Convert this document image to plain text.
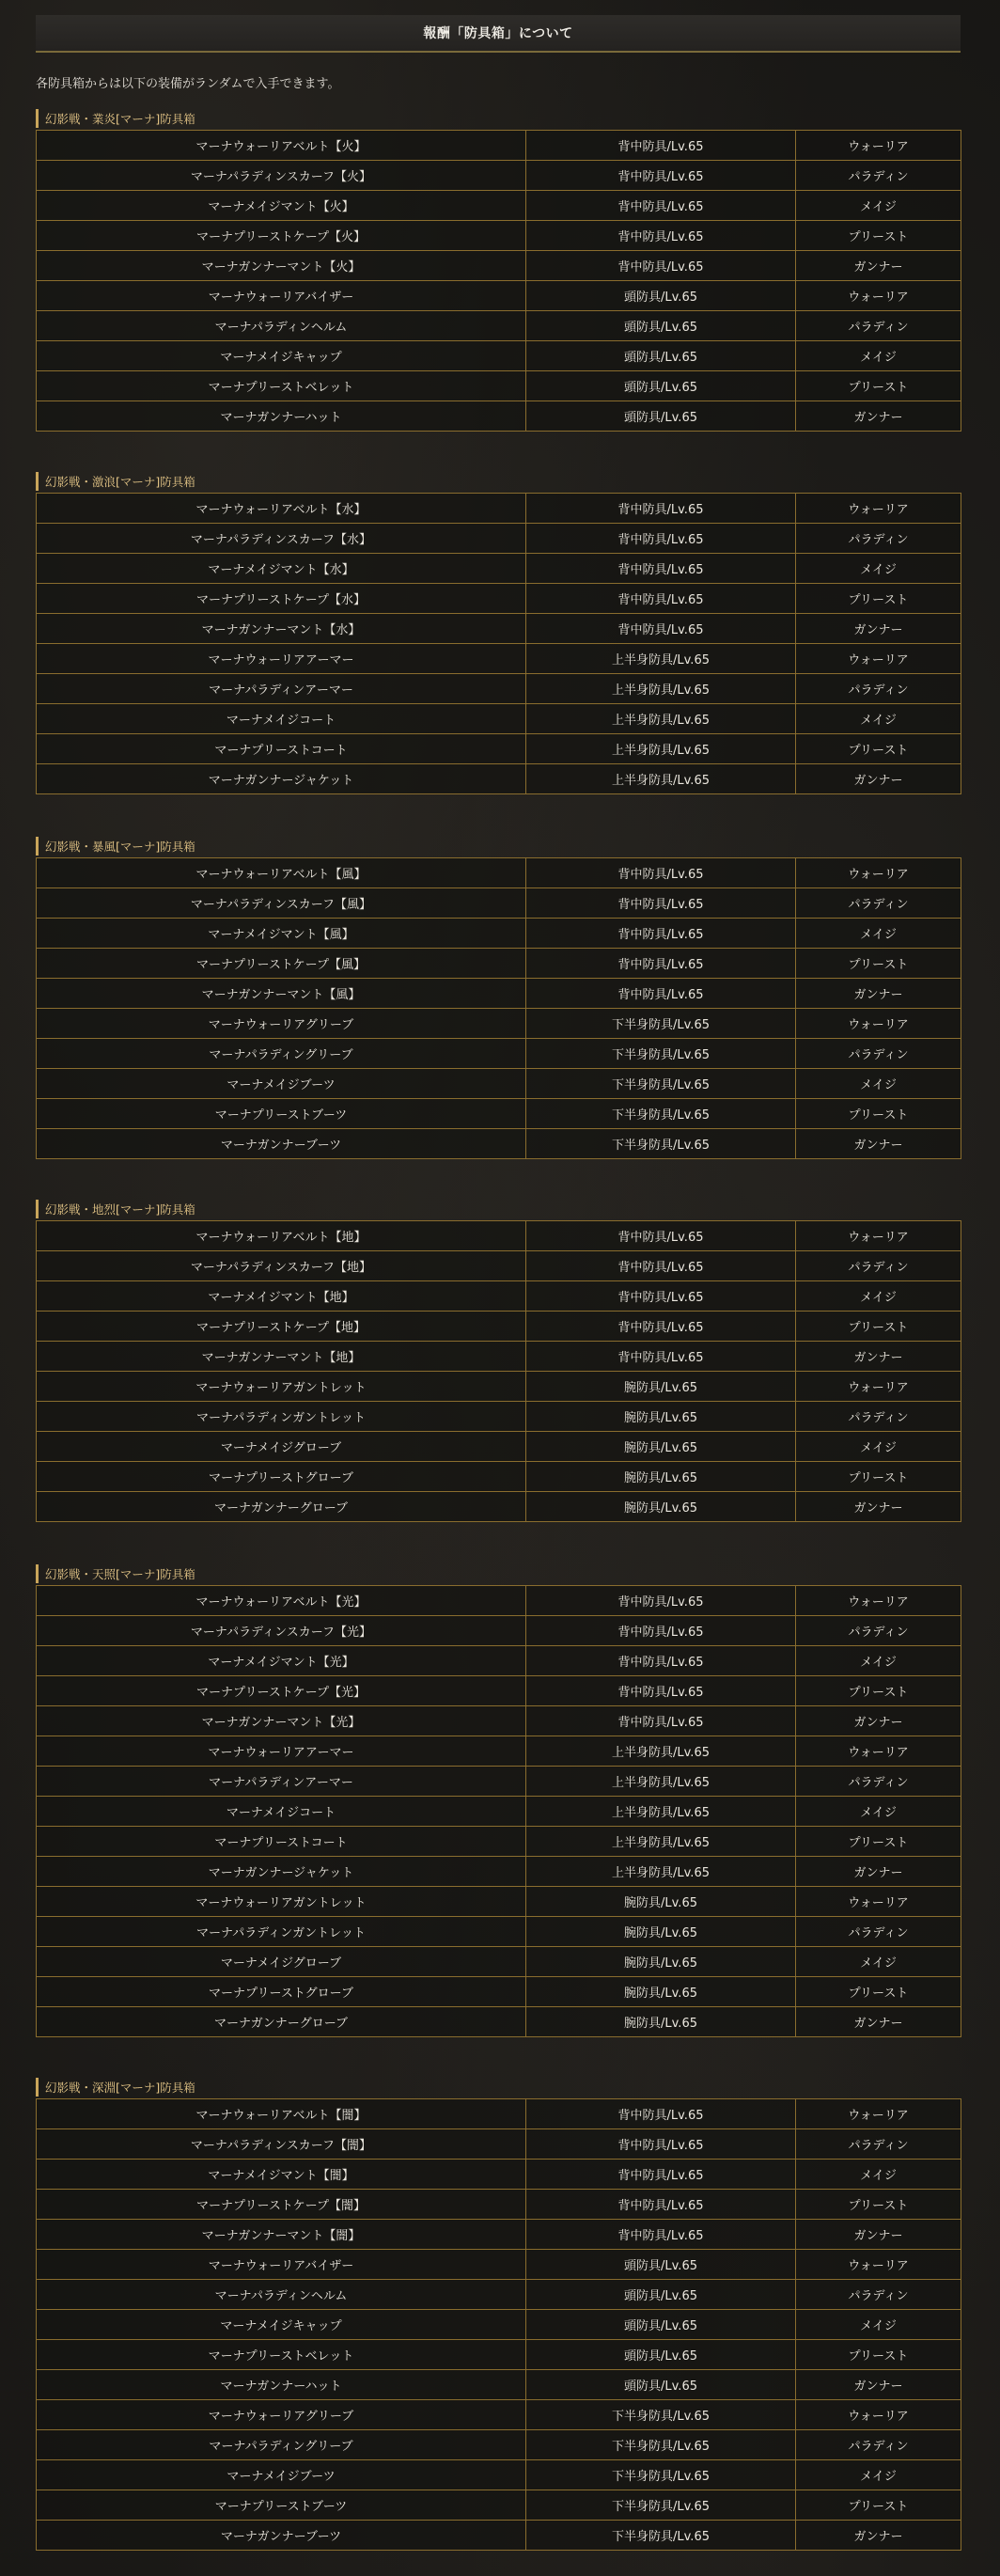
報酬「防具箱」について
各防具箱からは以下の装備がランダムで入手できます。
幻影戦・業炎[マーナ]防具箱
マーナウォーリアベルト【火】	背中防具/Lv.65	ウォーリア
マーナパラディンスカーフ【火】	背中防具/Lv.65	パラディン
マーナメイジマント【火】	背中防具/Lv.65	メイジ
マーナプリーストケープ【火】	背中防具/Lv.65	プリースト
マーナガンナーマント【火】	背中防具/Lv.65	ガンナー
マーナウォーリアバイザー	頭防具/Lv.65	ウォーリア
マーナパラディンヘルム	頭防具/Lv.65	パラディン
マーナメイジキャップ	頭防具/Lv.65	メイジ
マーナプリーストベレット	頭防具/Lv.65	プリースト
マーナガンナーハット	頭防具/Lv.65	ガンナー
幻影戦・激浪[マーナ]防具箱
マーナウォーリアベルト【水】	背中防具/Lv.65	ウォーリア
マーナパラディンスカーフ【水】	背中防具/Lv.65	パラディン
マーナメイジマント【水】	背中防具/Lv.65	メイジ
マーナプリーストケープ【水】	背中防具/Lv.65	プリースト
マーナガンナーマント【水】	背中防具/Lv.65	ガンナー
マーナウォーリアアーマー	上半身防具/Lv.65	ウォーリア
マーナパラディンアーマー	上半身防具/Lv.65	パラディン
マーナメイジコート	上半身防具/Lv.65	メイジ
マーナプリーストコート	上半身防具/Lv.65	プリースト
マーナガンナージャケット	上半身防具/Lv.65	ガンナー
幻影戦・暴風[マーナ]防具箱
マーナウォーリアベルト【風】	背中防具/Lv.65	ウォーリア
マーナパラディンスカーフ【風】	背中防具/Lv.65	パラディン
マーナメイジマント【風】	背中防具/Lv.65	メイジ
マーナプリーストケープ【風】	背中防具/Lv.65	プリースト
マーナガンナーマント【風】	背中防具/Lv.65	ガンナー
マーナウォーリアグリーブ	下半身防具/Lv.65	ウォーリア
マーナパラディングリーブ	下半身防具/Lv.65	パラディン
マーナメイジブーツ	下半身防具/Lv.65	メイジ
マーナプリーストブーツ	下半身防具/Lv.65	プリースト
マーナガンナーブーツ	下半身防具/Lv.65	ガンナー
幻影戦・地烈[マーナ]防具箱
マーナウォーリアベルト【地】	背中防具/Lv.65	ウォーリア
マーナパラディンスカーフ【地】	背中防具/Lv.65	パラディン
マーナメイジマント【地】	背中防具/Lv.65	メイジ
マーナプリーストケープ【地】	背中防具/Lv.65	プリースト
マーナガンナーマント【地】	背中防具/Lv.65	ガンナー
マーナウォーリアガントレット	腕防具/Lv.65	ウォーリア
マーナパラディンガントレット	腕防具/Lv.65	パラディン
マーナメイジグローブ	腕防具/Lv.65	メイジ
マーナプリーストグローブ	腕防具/Lv.65	プリースト
マーナガンナーグローブ	腕防具/Lv.65	ガンナー
幻影戦・天照[マーナ]防具箱
マーナウォーリアベルト【光】	背中防具/Lv.65	ウォーリア
マーナパラディンスカーフ【光】	背中防具/Lv.65	パラディン
マーナメイジマント【光】	背中防具/Lv.65	メイジ
マーナプリーストケープ【光】	背中防具/Lv.65	プリースト
マーナガンナーマント【光】	背中防具/Lv.65	ガンナー
マーナウォーリアアーマー	上半身防具/Lv.65	ウォーリア
マーナパラディンアーマー	上半身防具/Lv.65	パラディン
マーナメイジコート	上半身防具/Lv.65	メイジ
マーナプリーストコート	上半身防具/Lv.65	プリースト
マーナガンナージャケット	上半身防具/Lv.65	ガンナー
マーナウォーリアガントレット	腕防具/Lv.65	ウォーリア
マーナパラディンガントレット	腕防具/Lv.65	パラディン
マーナメイジグローブ	腕防具/Lv.65	メイジ
マーナプリーストグローブ	腕防具/Lv.65	プリースト
マーナガンナーグローブ	腕防具/Lv.65	ガンナー
幻影戦・深淵[マーナ]防具箱
マーナウォーリアベルト【闇】	背中防具/Lv.65	ウォーリア
マーナパラディンスカーフ【闇】	背中防具/Lv.65	パラディン
マーナメイジマント【闇】	背中防具/Lv.65	メイジ
マーナプリーストケープ【闇】	背中防具/Lv.65	プリースト
マーナガンナーマント【闇】	背中防具/Lv.65	ガンナー
マーナウォーリアバイザー	頭防具/Lv.65	ウォーリア
マーナパラディンヘルム	頭防具/Lv.65	パラディン
マーナメイジキャップ	頭防具/Lv.65	メイジ
マーナプリーストベレット	頭防具/Lv.65	プリースト
マーナガンナーハット	頭防具/Lv.65	ガンナー
マーナウォーリアグリーブ	下半身防具/Lv.65	ウォーリア
マーナパラディングリーブ	下半身防具/Lv.65	パラディン
マーナメイジブーツ	下半身防具/Lv.65	メイジ
マーナプリーストブーツ	下半身防具/Lv.65	プリースト
マーナガンナーブーツ	下半身防具/Lv.65	ガンナー
